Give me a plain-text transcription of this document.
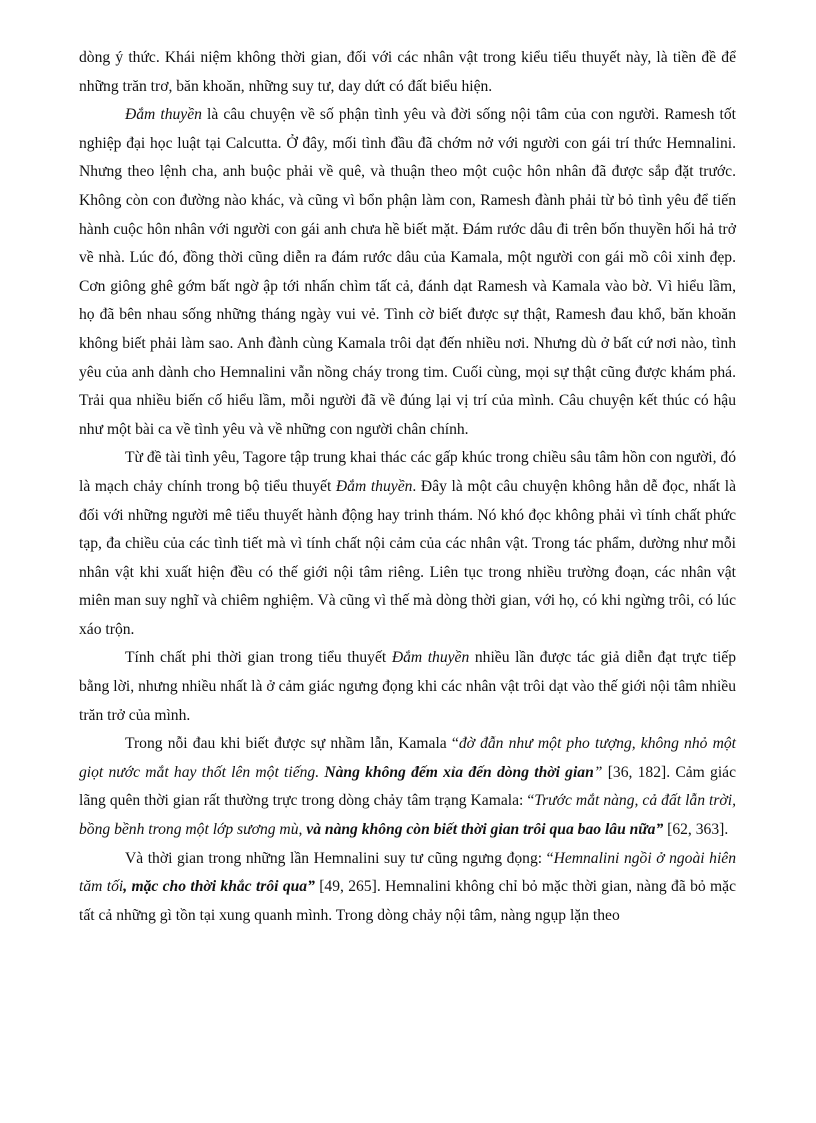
dòng ý thức. Khái niệm không thời gian, đối với các nhân vật trong kiểu tiểu thuyết này, là tiền đề để những trăn trơ, băn khoăn, những suy tư, day dứt có đất biểu hiện.

Đắm thuyền là câu chuyện về số phận tình yêu và đời sống nội tâm của con người. Ramesh tốt nghiệp đại học luật tại Calcutta. Ở đây, mối tình đầu đã chớm nở với người con gái trí thức Hemnalini. Nhưng theo lệnh cha, anh buộc phải về quê, và thuận theo một cuộc hôn nhân đã được sắp đặt trước. Không còn con đường nào khác, và cũng vì bổn phận làm con, Ramesh đành phải từ bỏ tình yêu để tiến hành cuộc hôn nhân với người con gái anh chưa hề biết mặt. Đám rước dâu đi trên bốn thuyền hối hả trở về nhà. Lúc đó, đồng thời cũng diễn ra đám rước dâu của Kamala, một người con gái mồ côi xinh đẹp. Cơn giông ghê gớm bất ngờ ập tới nhấn chìm tất cả, đánh dạt Ramesh và Kamala vào bờ. Vì hiểu lầm, họ đã bên nhau sống những tháng ngày vui vẻ. Tình cờ biết được sự thật, Ramesh đau khổ, băn khoăn không biết phải làm sao. Anh đành cùng Kamala trôi dạt đến nhiều nơi. Nhưng dù ở bất cứ nơi nào, tình yêu của anh dành cho Hemnalini vẫn nồng cháy trong tim. Cuối cùng, mọi sự thật cũng được khám phá. Trải qua nhiều biến cố hiểu lầm, mỗi người đã về đúng lại vị trí của mình. Câu chuyện kết thúc có hậu như một bài ca về tình yêu và về những con người chân chính.

Từ đề tài tình yêu, Tagore tập trung khai thác các gấp khúc trong chiều sâu tâm hồn con người, đó là mạch chảy chính trong bộ tiểu thuyết Đắm thuyền. Đây là một câu chuyện không hẳn dễ đọc, nhất là đối với những người mê tiểu thuyết hành động hay trinh thám. Nó khó đọc không phải vì tính chất phức tạp, đa chiều của các tình tiết mà vì tính chất nội cảm của các nhân vật. Trong tác phẩm, dường như mỗi nhân vật khi xuất hiện đều có thế giới nội tâm riêng. Liên tục trong nhiều trường đoạn, các nhân vật miên man suy nghĩ và chiêm nghiệm. Và cũng vì thế mà dòng thời gian, với họ, có khi ngừng trôi, có lúc xáo trộn.

Tính chất phi thời gian trong tiểu thuyết Đắm thuyền nhiều lần được tác giả diễn đạt trực tiếp bằng lời, nhưng nhiều nhất là ở cảm giác ngưng đọng khi các nhân vật trôi dạt vào thế giới nội tâm nhiều trăn trở của mình.

Trong nỗi đau khi biết được sự nhầm lẫn, Kamala “đờ đẫn như một pho tượng, không nhỏ một giọt nước mắt hay thốt lên một tiếng. Nàng không đếm xỉa đến dòng thời gian” [36, 182]. Cảm giác lãng quên thời gian rất thường trực trong dòng chảy tâm trạng Kamala: “Trước mắt nàng, cả đất lẫn trời, bồng bềnh trong một lớp sương mù, và nàng không còn biết thời gian trôi qua bao lâu nữa” [62, 363].

Và thời gian trong những lần Hemnalini suy tư cũng ngưng đọng: “Hemnalini ngồi ở ngoài hiên tăm tối, mặc cho thời khắc trôi qua” [49, 265]. Hemnalini không chỉ bỏ mặc thời gian, nàng đã bỏ mặc tất cả những gì tồn tại xung quanh mình. Trong dòng chảy nội tâm, nàng ngụp lặn theo
